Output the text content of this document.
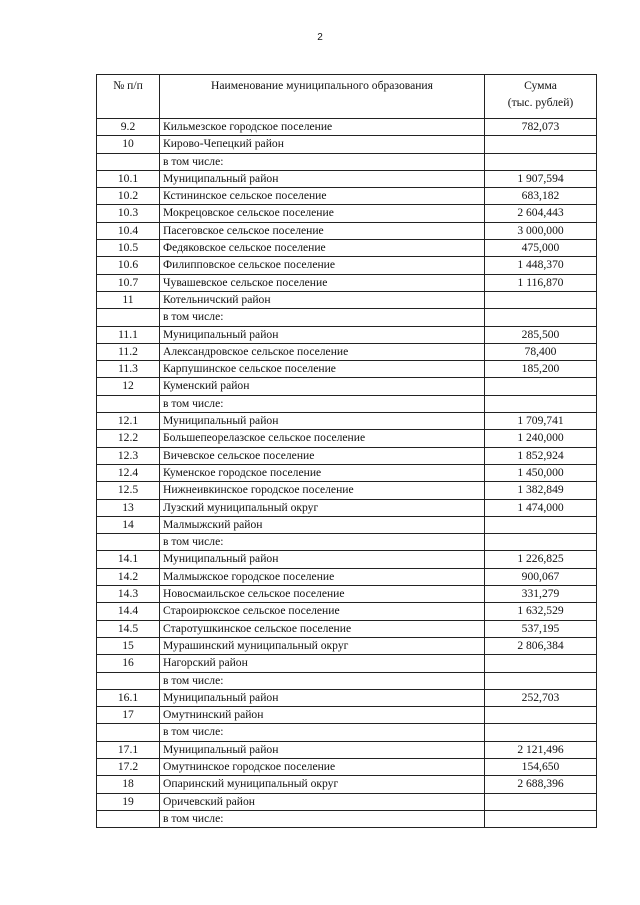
2
№ п/п	Наименование муниципального образования	Сумма
(тыс. рублей)
9.2	Кильмезское городское поселение	782,073
10	Кирово-Чепецкий район	
	в том числе:	
10.1	Муниципальный район	1 907,594
10.2	Кстининское сельское поселение	683,182
10.3	Мокрецовское сельское поселение	2 604,443
10.4	Пасеговское сельское поселение	3 000,000
10.5	Федяковское сельское поселение	475,000
10.6	Филипповское сельское поселение	1 448,370
10.7	Чувашевское сельское поселение	1 116,870
11	Котельничский район	
	в том числе:	
11.1	Муниципальный район	285,500
11.2	Александровское сельское поселение	78,400
11.3	Карпушинское сельское поселение	185,200
12	Куменский район	
	в том числе:	
12.1	Муниципальный район	1 709,741
12.2	Большепеорелазское сельское поселение	1 240,000
12.3	Вичевское сельское поселение	1 852,924
12.4	Куменское городское поселение	1 450,000
12.5	Нижнеивкинское городское поселение	1 382,849
13	Лузский муниципальный округ	1 474,000
14	Малмыжский район	
	в том числе:	
14.1	Муниципальный район	1 226,825
14.2	Малмыжское городское поселение	900,067
14.3	Новосмаильское сельское поселение	331,279
14.4	Староирюкское сельское поселение	1 632,529
14.5	Старотушкинское сельское поселение	537,195
15	Мурашинский муниципальный округ	2 806,384
16	Нагорский район	
	в том числе:	
16.1	Муниципальный район	252,703
17	Омутнинский район	
	в том числе:	
17.1	Муниципальный район	2 121,496
17.2	Омутнинское городское поселение	154,650
18	Опаринский муниципальный округ	2 688,396
19	Оричевский район	
	в том числе:	
